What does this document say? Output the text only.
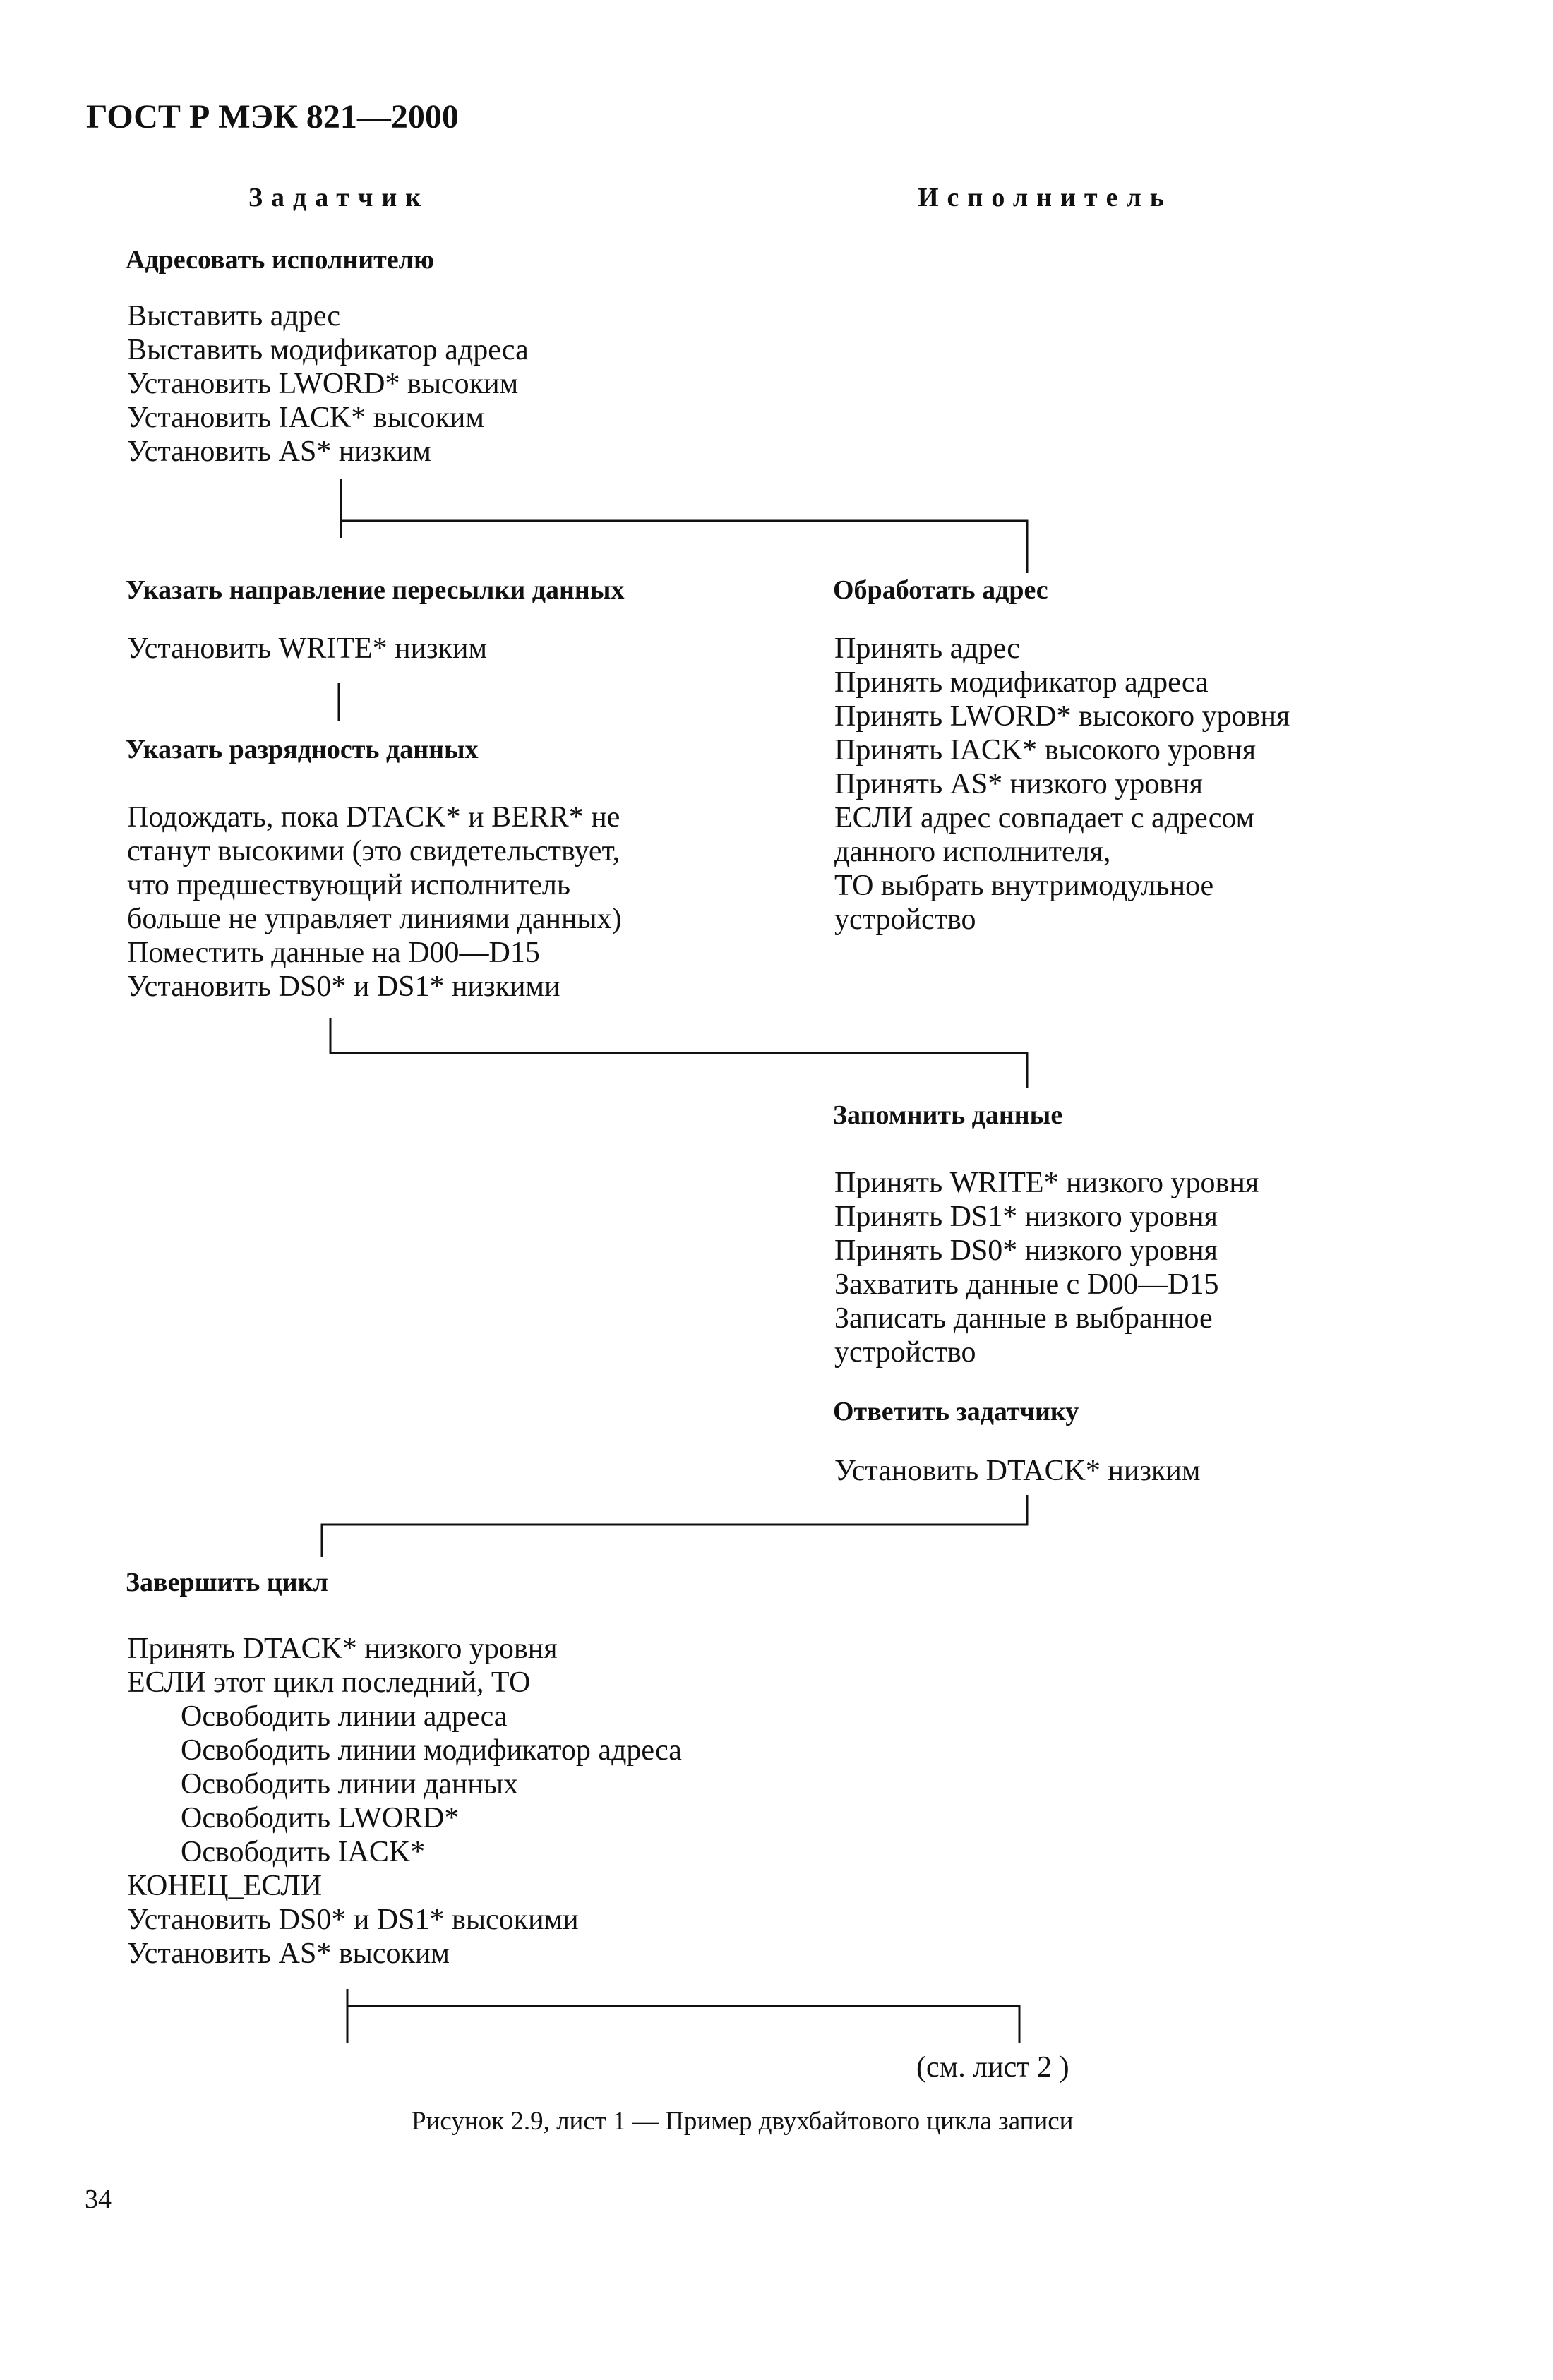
ГОСТ Р МЭК 821—2000
Задатчик	Исполнитель
Адресовать исполнителю
Выставить адрес
Выставить модификатор адреса
Установить LWORD* высоким
Установить IACK* высоким
Установить AS* низким
Указать направление пересылки данных
Установить WRITE* низким
Указать разрядность данных
Подождать, пока DTACK* и BERR* не
станут высокими (это свидетельствует,
что предшествующий исполнитель
больше не управляет линиями данных)
Поместить данные на D00—D15
Установить DS0* и DS1* низкими
Обработать адрес
Принять адрес
Принять модификатор адреса
Принять LWORD* высокого уровня
Принять IACK* высокого уровня
Принять AS* низкого уровня
ЕСЛИ адрес совпадает с адресом
данного исполнителя,
ТО выбрать внутримодульное
устройство
Запомнить данные
Принять WRITE* низкого уровня
Принять DS1* низкого уровня
Принять DS0* низкого уровня
Захватить данные с D00—D15
Записать данные в выбранное
устройство
Ответить задатчику
Установить DTACK* низким
Завершить цикл
Принять DTACK* низкого уровня
ЕСЛИ этот цикл последний, ТО
Освободить линии адреса
Освободить линии модификатор адреса
Освободить линии данных
Освободить LWORD*
Освободить IACK*
КОНЕЦ_ЕСЛИ
Установить DS0* и DS1* высокими
Установить AS* высоким
(см. лист 2 )
Рисунок 2.9, лист 1 — Пример двухбайтового цикла записи
34
